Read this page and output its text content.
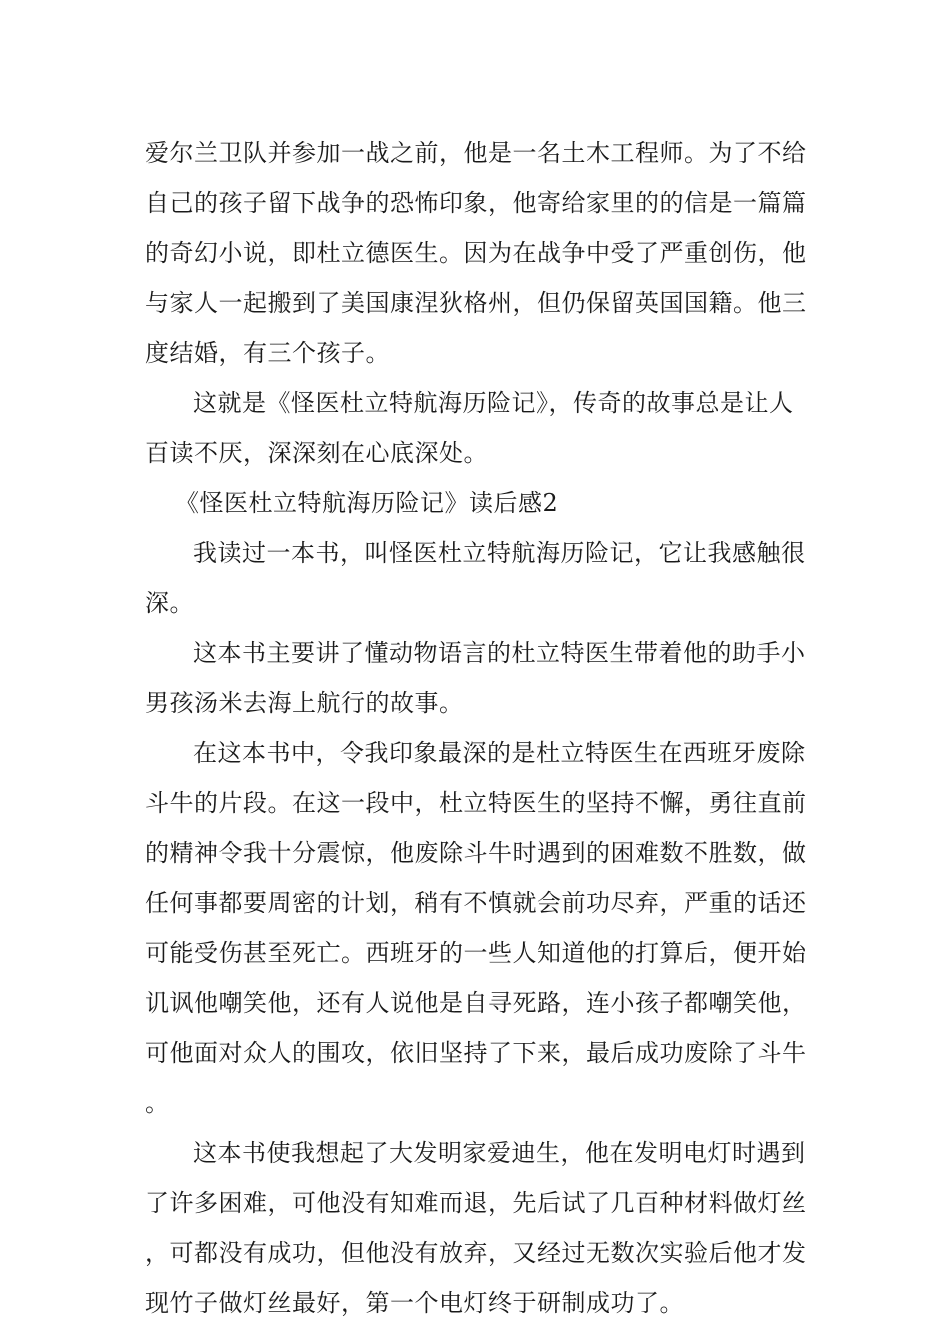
爱尔兰卫队并参加一战之前，他是一名土木工程师。为了不给自己的孩子留下战争的恐怖印象，他寄给家里的的信是一篇篇的奇幻小说，即杜立德医生。因为在战争中受了严重创伤，他与家人一起搬到了美国康涅狄格州，但仍保留英国国籍。他三度结婚，有三个孩子。

这就是《怪医杜立特航海历险记》，传奇的故事总是让人百读不厌，深深刻在心底深处。

《怪医杜立特航海历险记》读后感2

我读过一本书，叫怪医杜立特航海历险记，它让我感触很深。

这本书主要讲了懂动物语言的杜立特医生带着他的助手小男孩汤米去海上航行的故事。

在这本书中，令我印象最深的是杜立特医生在西班牙废除斗牛的片段。在这一段中，杜立特医生的坚持不懈，勇往直前的精神令我十分震惊，他废除斗牛时遇到的困难数不胜数，做任何事都要周密的计划，稍有不慎就会前功尽弃，严重的话还可能受伤甚至死亡。西班牙的一些人知道他的打算后，便开始讥讽他嘲笑他，还有人说他是自寻死路，连小孩子都嘲笑他，可他面对众人的围攻，依旧坚持了下来，最后成功废除了斗牛。

这本书使我想起了大发明家爱迪生，他在发明电灯时遇到了许多困难，可他没有知难而退，先后试了几百种材料做灯丝，可都没有成功，但他没有放弃，又经过无数次实验后他才发现竹子做灯丝最好，第一个电灯终于研制成功了。
